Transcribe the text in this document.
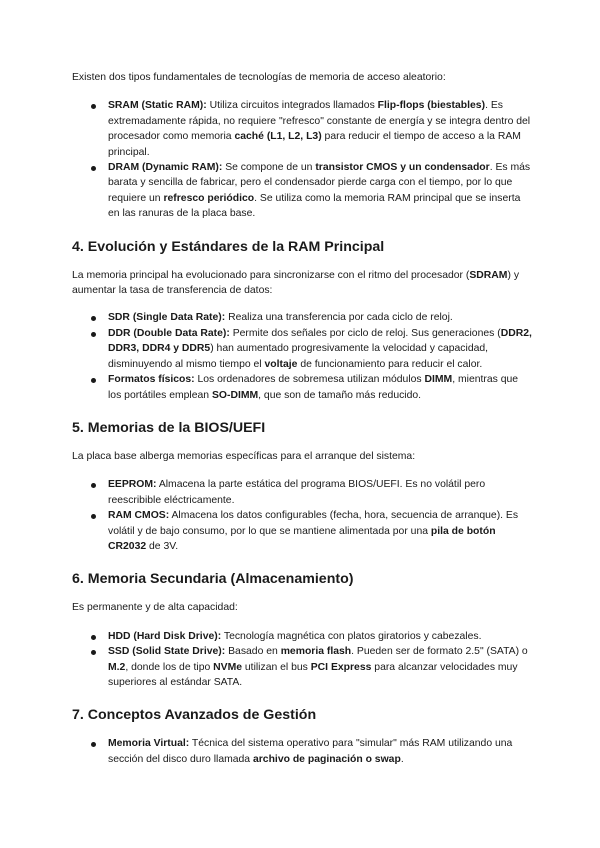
Existen dos tipos fundamentales de tecnologías de memoria de acceso aleatorio:

SRAM (Static RAM): Utiliza circuitos integrados llamados Flip-flops (biestables). Es extremadamente rápida, no requiere "refresco" constante de energía y se integra dentro del procesador como memoria caché (L1, L2, L3) para reducir el tiempo de acceso a la RAM principal.
DRAM (Dynamic RAM): Se compone de un transistor CMOS y un condensador. Es más barata y sencilla de fabricar, pero el condensador pierde carga con el tiempo, por lo que requiere un refresco periódico. Se utiliza como la memoria RAM principal que se inserta en las ranuras de la placa base.
4. Evolución y Estándares de la RAM Principal

La memoria principal ha evolucionado para sincronizarse con el ritmo del procesador (SDRAM) y aumentar la tasa de transferencia de datos:

SDR (Single Data Rate): Realiza una transferencia por cada ciclo de reloj.
DDR (Double Data Rate): Permite dos señales por ciclo de reloj. Sus generaciones (DDR2, DDR3, DDR4 y DDR5) han aumentado progresivamente la velocidad y capacidad, disminuyendo al mismo tiempo el voltaje de funcionamiento para reducir el calor.
Formatos físicos: Los ordenadores de sobremesa utilizan módulos DIMM, mientras que los portátiles emplean SO-DIMM, que son de tamaño más reducido.
5. Memorias de la BIOS/UEFI

La placa base alberga memorias específicas para el arranque del sistema:

EEPROM: Almacena la parte estática del programa BIOS/UEFI. Es no volátil pero reescribible eléctricamente.
RAM CMOS: Almacena los datos configurables (fecha, hora, secuencia de arranque). Es volátil y de bajo consumo, por lo que se mantiene alimentada por una pila de botón CR2032 de 3V.
6. Memoria Secundaria (Almacenamiento)

Es permanente y de alta capacidad:

HDD (Hard Disk Drive): Tecnología magnética con platos giratorios y cabezales.
SSD (Solid State Drive): Basado en memoria flash. Pueden ser de formato 2.5" (SATA) o M.2, donde los de tipo NVMe utilizan el bus PCI Express para alcanzar velocidades muy superiores al estándar SATA.
7. Conceptos Avanzados de Gestión
Memoria Virtual: Técnica del sistema operativo para "simular" más RAM utilizando una sección del disco duro llamada archivo de paginación o swap.
